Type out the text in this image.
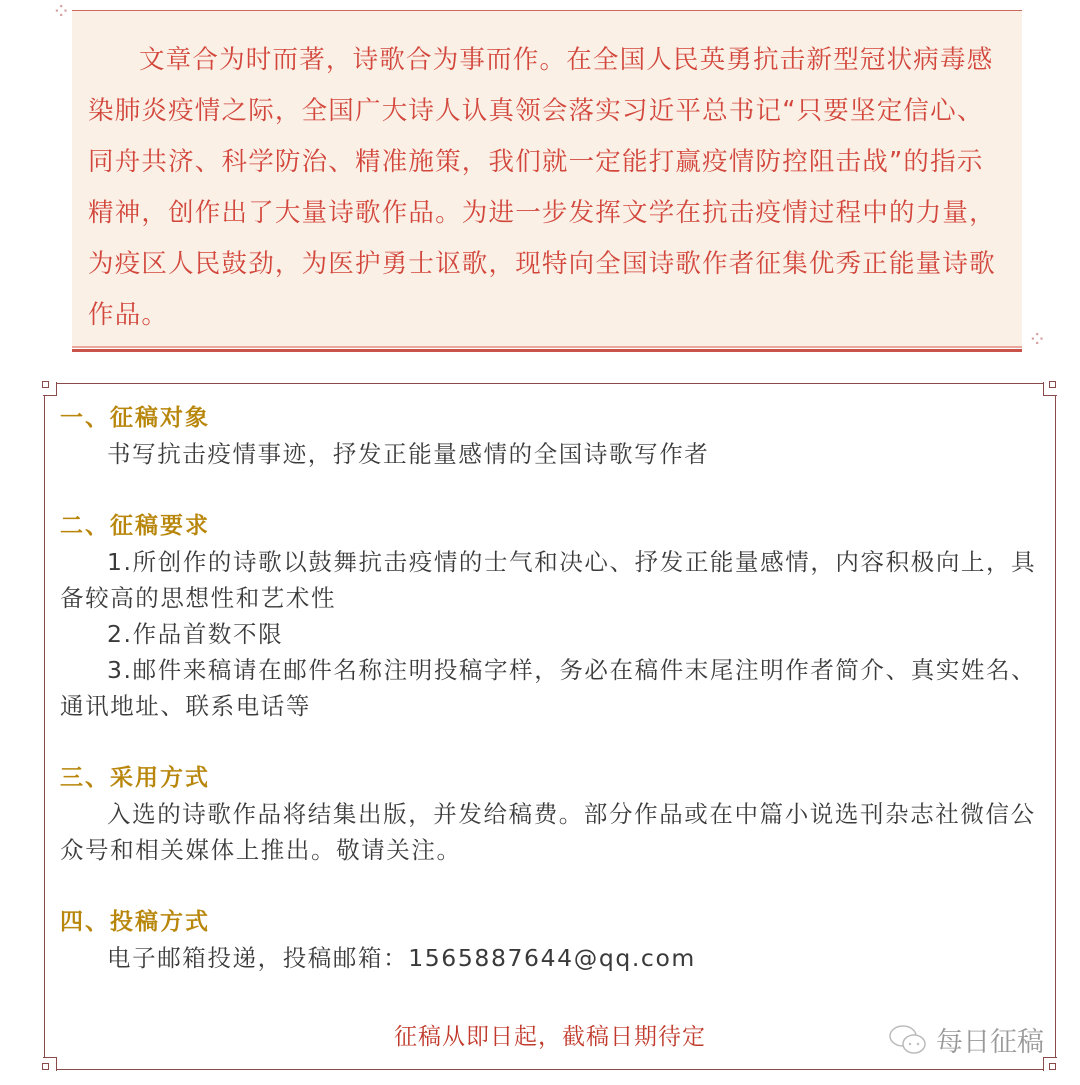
⁘
⁘

文章合为时而著，诗歌合为事而作。在全国人民英勇抗击新型冠状病毒感染肺炎疫情之际，全国广大诗人认真领会落实习近平总书记“只要坚定信心、同舟共济、科学防治、精准施策，我们就一定能打赢疫情防控阻击战”的指示精神，创作出了大量诗歌作品。为进一步发挥文学在抗击疫情过程中的力量，为疫区人民鼓劲，为医护勇士讴歌，现特向全国诗歌作者征集优秀正能量诗歌作品。

一、征稿对象

书写抗击疫情事迹，抒发正能量感情的全国诗歌写作者

二、征稿要求

1.所创作的诗歌以鼓舞抗击疫情的士气和决心、抒发正能量感情，内容积极向上，具备较高的思想性和艺术性

2.作品首数不限

3.邮件来稿请在邮件名称注明投稿字样，务必在稿件末尾注明作者简介、真实姓名、通讯地址、联系电话等

三、采用方式

入选的诗歌作品将结集出版，并发给稿费。部分作品或在中篇小说选刊杂志社微信公众号和相关媒体上推出。敬请关注。

四、投稿方式

电子邮箱投递，投稿邮箱：1565887644@qq.com

征稿从即日起，截稿日期待定	每日征稿
